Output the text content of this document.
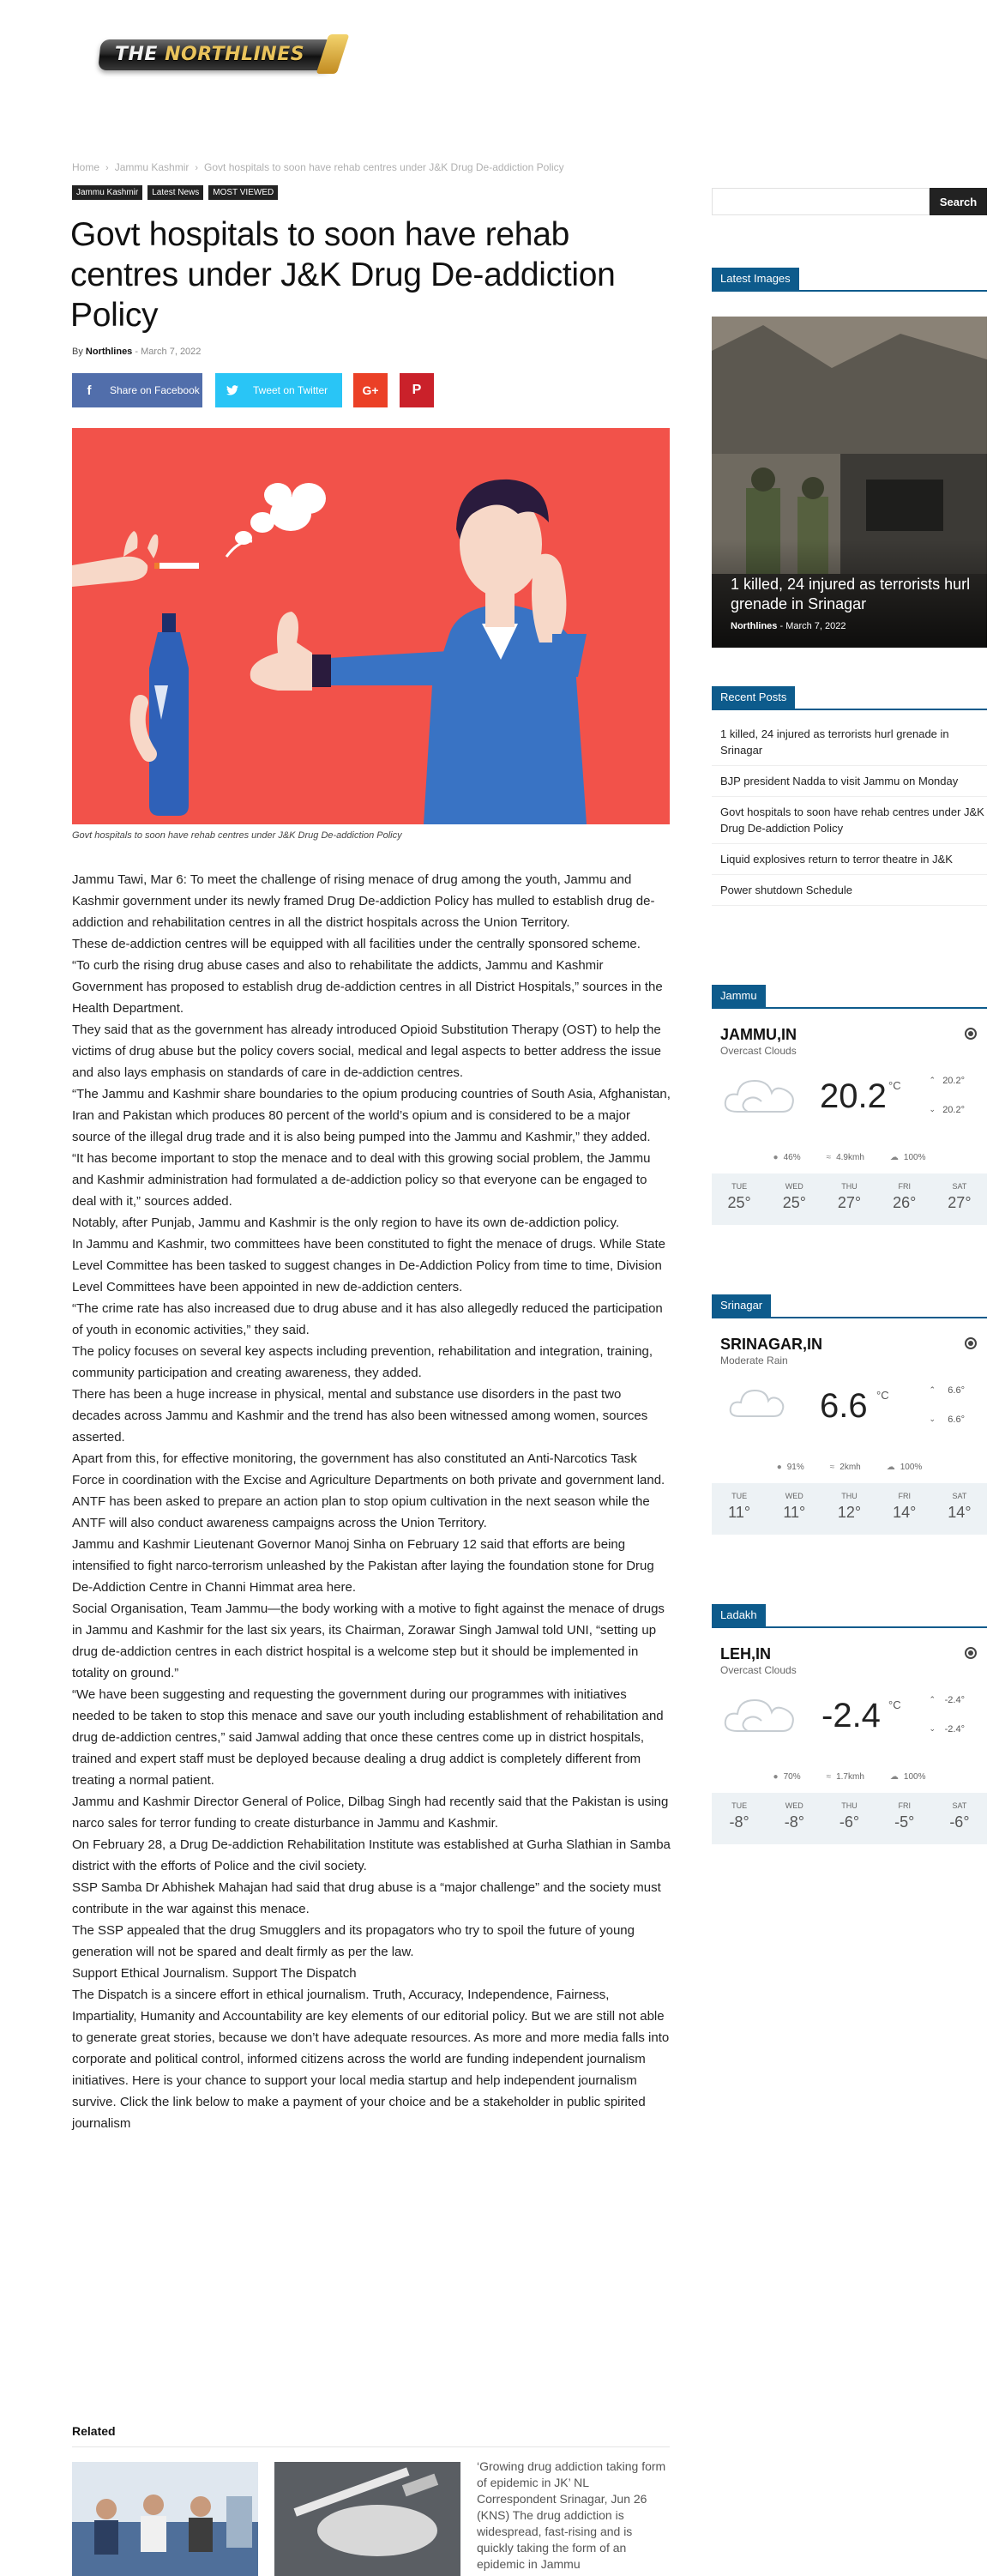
THE NORTHLINES
Home › Jammu Kashmir › Govt hospitals to soon have rehab centres under J&K Drug De-addiction Policy
Jammu Kashmir	Latest News	MOST VIEWED
Govt hospitals to soon have rehab centres under J&K Drug De-addiction Policy
By Northlines - March 7, 2022
f	Share on Facebook	Tweet on Twitter	G+ P
Govt hospitals to soon have rehab centres under J&K Drug De-addiction Policy

Jammu Tawi, Mar 6: To meet the challenge of rising menace of drug among the youth, Jammu and Kashmir government under its newly framed Drug De-addiction Policy has mulled to establish drug de-addiction and rehabilitation centres in all the district hospitals across the Union Territory.

These de-addiction centres will be equipped with all facilities under the centrally sponsored scheme.

“To curb the rising drug abuse cases and also to rehabilitate the addicts, Jammu and Kashmir Government has proposed to establish drug de-addiction centres in all District Hospitals,” sources in the Health Department.

They said that as the government has already introduced Opioid Substitution Therapy (OST) to help the victims of drug abuse but the policy covers social, medical and legal aspects to better address the issue and also lays emphasis on standards of care in de-addiction centres.

“The Jammu and Kashmir share boundaries to the opium producing countries of South Asia, Afghanistan, Iran and Pakistan which produces 80 percent of the world’s opium and is considered to be a major source of the illegal drug trade and it is also being pumped into the Jammu and Kashmir,” they added.

“It has become important to stop the menace and to deal with this growing social problem, the Jammu and Kashmir administration had formulated a de-addiction policy so that everyone can be engaged to deal with it,” sources added.

Notably, after Punjab, Jammu and Kashmir is the only region to have its own de-addiction policy.

In Jammu and Kashmir, two committees have been constituted to fight the menace of drugs. While State Level Committee has been tasked to suggest changes in De-Addiction Policy from time to time, Division Level Committees have been appointed in new de-addiction centers.

“The crime rate has also increased due to drug abuse and it has also allegedly reduced the participation of youth in economic activities,” they said.

The policy focuses on several key aspects including prevention, rehabilitation and integration, training, community participation and creating awareness, they added.

There has been a huge increase in physical, mental and substance use disorders in the past two decades across Jammu and Kashmir and the trend has also been witnessed among women, sources asserted.

Apart from this, for effective monitoring, the government has also constituted an Anti-Narcotics Task Force in coordination with the Excise and Agriculture Departments on both private and government land.

ANTF has been asked to prepare an action plan to stop opium cultivation in the next season while the ANTF will also conduct awareness campaigns across the Union Territory.

Jammu and Kashmir Lieutenant Governor Manoj Sinha on February 12 said that efforts are being intensified to fight narco-terrorism unleashed by the Pakistan after laying the foundation stone for Drug De-Addiction Centre in Channi Himmat area here.

Social Organisation, Team Jammu—the body working with a motive to fight against the menace of drugs in Jammu and Kashmir for the last six years, its Chairman, Zorawar Singh Jamwal told UNI, “setting up drug de-addiction centres in each district hospital is a welcome step but it should be implemented in totality on ground.”

“We have been suggesting and requesting the government during our programmes with initiatives needed to be taken to stop this menace and save our youth including establishment of rehabilitation and drug de-addiction centres,” said Jamwal adding that once these centres come up in district hospitals, trained and expert staff must be deployed because dealing a drug addict is completely different from treating a normal patient.

Jammu and Kashmir Director General of Police, Dilbag Singh had recently said that the Pakistan is using narco sales for terror funding to create disturbance in Jammu and Kashmir.

On February 28, a Drug De-addiction Rehabilitation Institute was established at Gurha Slathian in Samba district with the efforts of Police and the civil society.

SSP Samba Dr Abhishek Mahajan had said that drug abuse is a “major challenge” and the society must contribute in the war against this menace.

The SSP appealed that the drug Smugglers and its propagators who try to spoil the future of young generation will not be spared and dealt firmly as per the law.

Support Ethical Journalism. Support The Dispatch

The Dispatch is a sincere effort in ethical journalism. Truth, Accuracy, Independence, Fairness, Impartiality, Humanity and Accountability are key elements of our editorial policy. But we are still not able to generate great stories, because we don’t have adequate resources. As more and more media falls into corporate and political control, informed citizens across the world are funding independent journalism initiatives. Here is your chance to support your local media startup and help independent journalism survive. Click the link below to make a payment of your choice and be a stakeholder in public spirited journalism

Related
‘Growing drug addiction taking form of epidemic in JK’ NL Correspondent Srinagar, Jun 26 (KNS) The drug addiction is widespread, fast-rising and is quickly taking the form of an epidemic in Jammu
Search
Latest Images
1 killed, 24 injured as terrorists hurl grenade in Srinagar
Northlines - March 7, 2022
Recent Posts
1 killed, 24 injured as terrorists hurl grenade in Srinagar
BJP president Nadda to visit Jammu on Monday
Govt hospitals to soon have rehab centres under J&K Drug De-addiction Policy
Liquid explosives return to terror theatre in J&K
Power shutdown Schedule
Jammu
JAMMU,IN
Overcast Clouds
20.2 °C	⌃ 20.2°
⌄ 20.2°
● 46%	≈ 4.9kmh	☁ 100%
TUE
25°
WED
25°
THU
27°
FRI
26°
SAT
27°
Srinagar
SRINAGAR,IN
Moderate Rain
6.6 °C	⌃ 6.6°
⌄ 6.6°
● 91%	≈ 2kmh	☁ 100%
TUE
11°
WED
11°
THU
12°
FRI
14°
SAT
14°
Ladakh
LEH,IN
Overcast Clouds
-2.4 °C	⌃ -2.4°
⌄ -2.4°
● 70%	≈ 1.7kmh	☁ 100%
TUE
-8°
WED
-8°
THU
-6°
FRI
-5°
SAT
-6°
